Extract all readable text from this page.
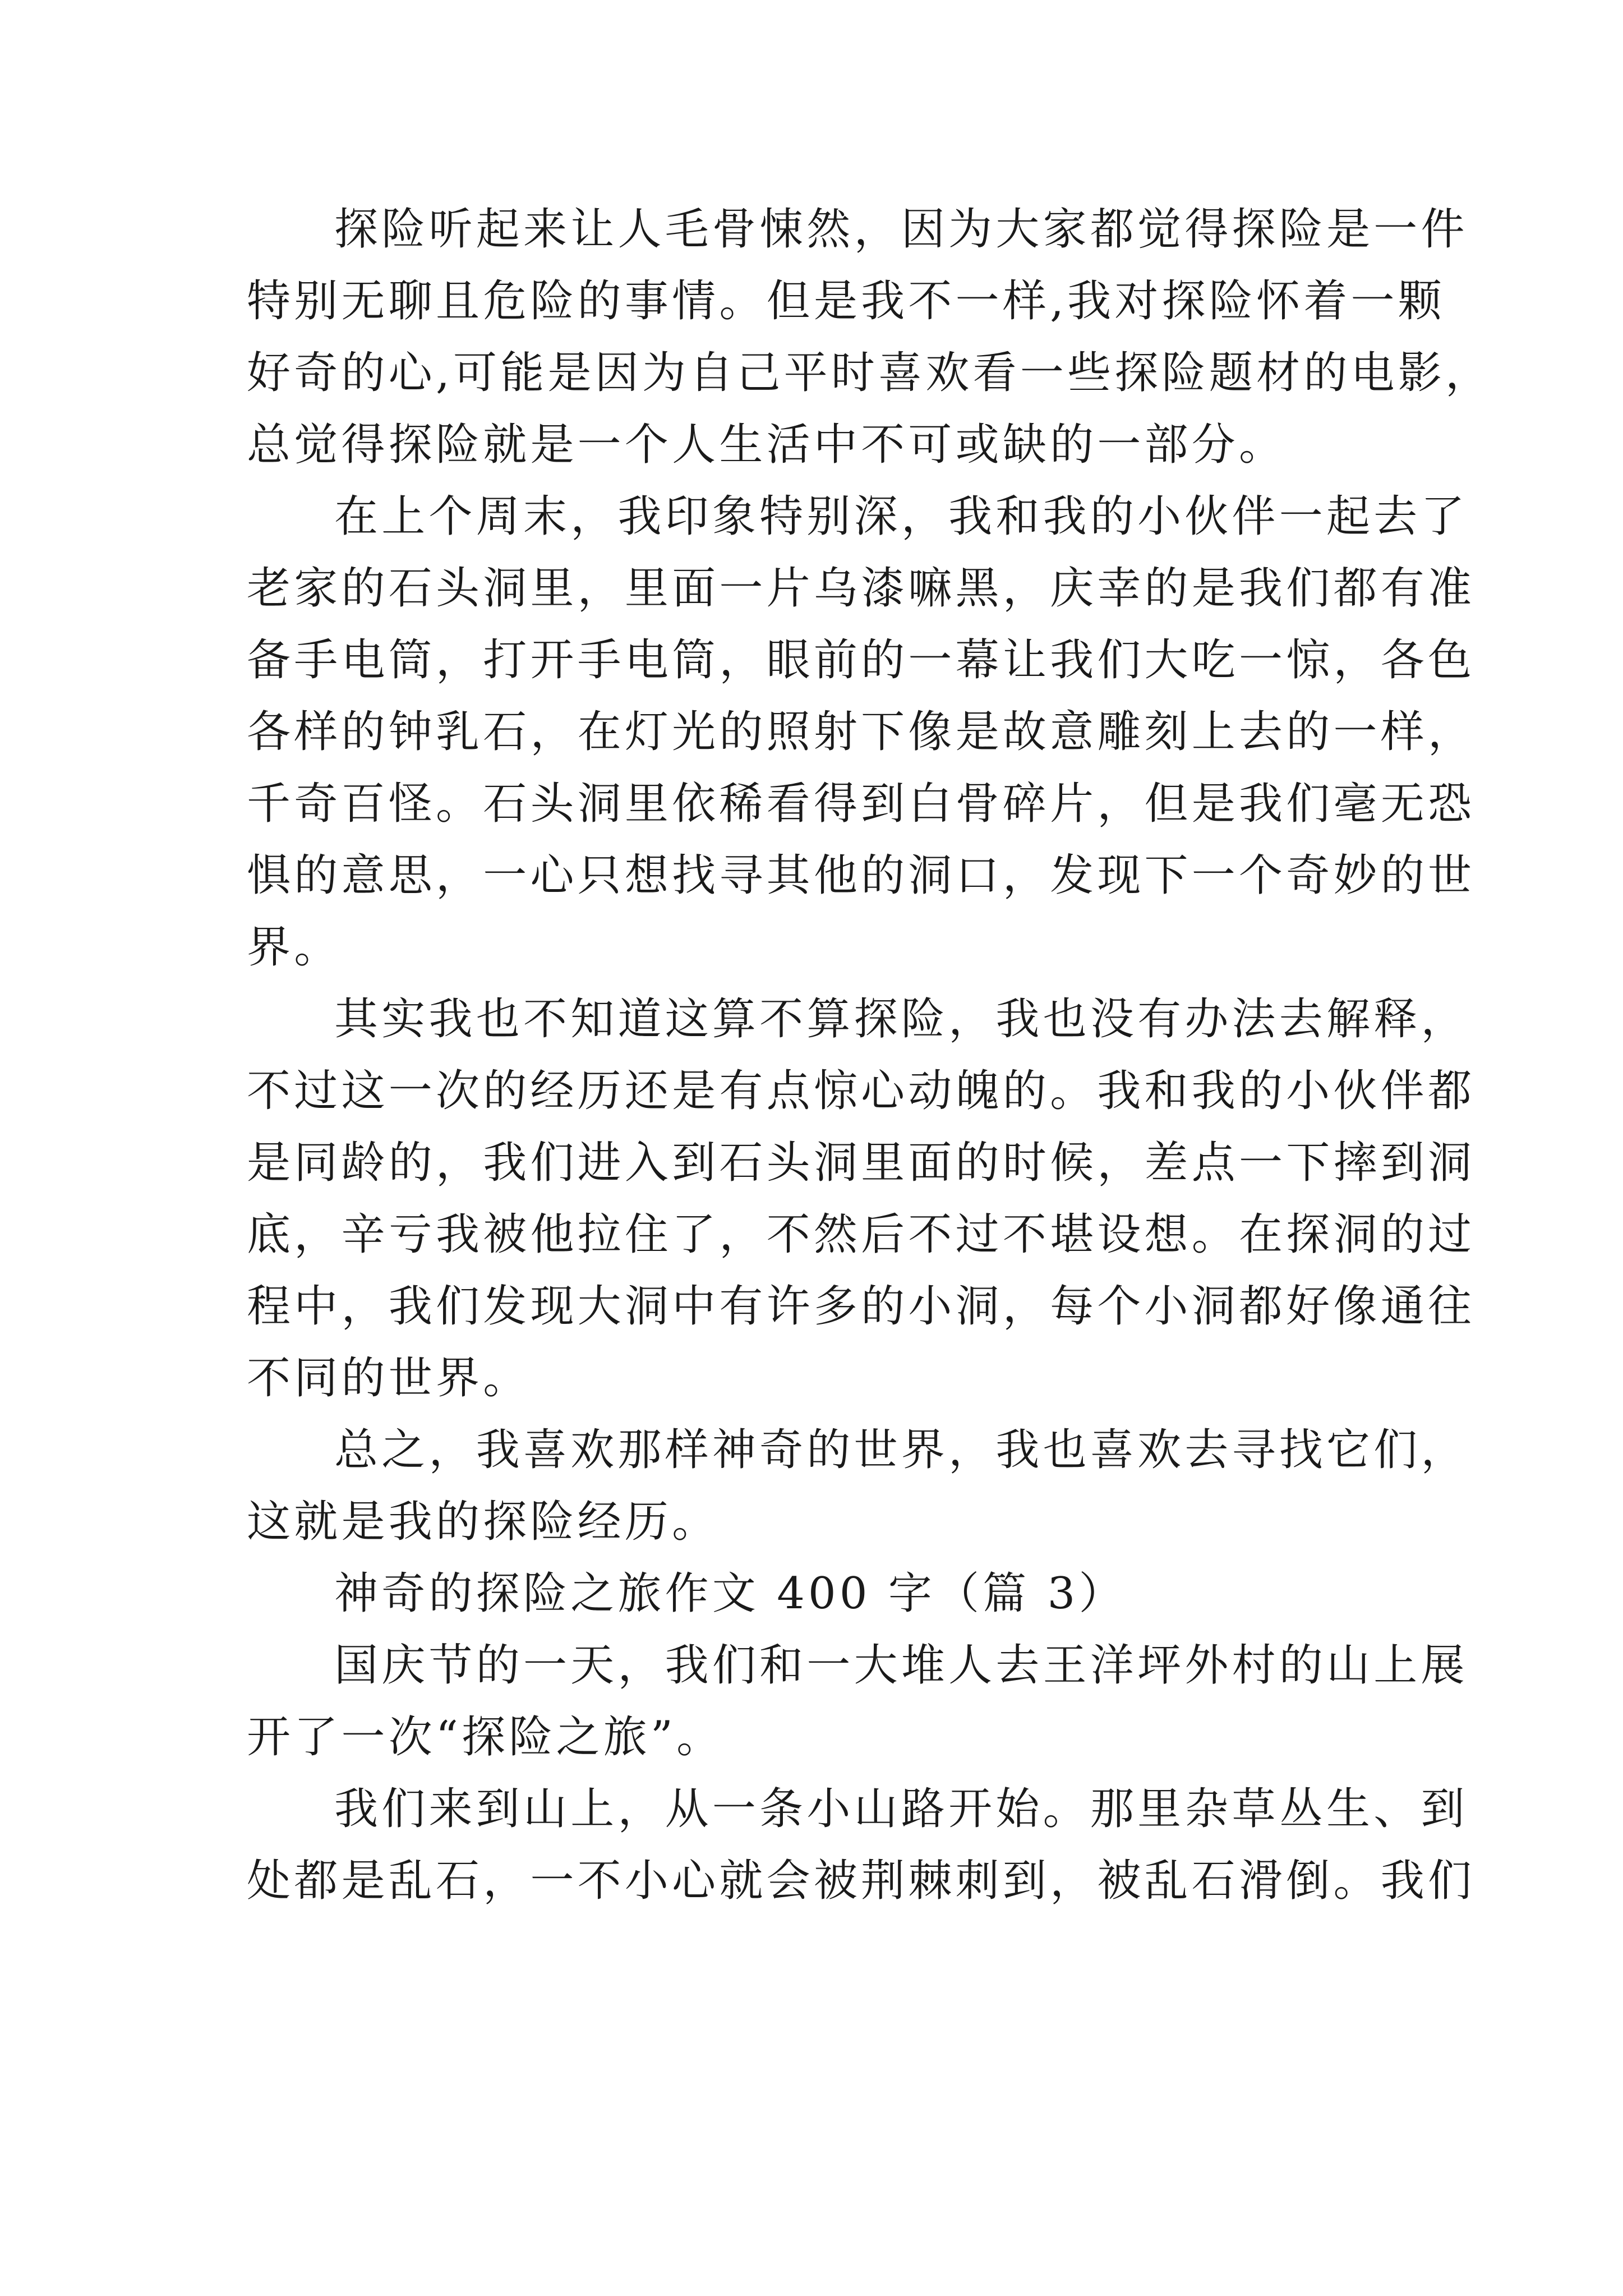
探险听起来让人毛骨悚然，因为大家都觉得探险是一件
特别无聊且危险的事情。但是我不一样,我对探险怀着一颗
好奇的心,可能是因为自己平时喜欢看一些探险题材的电影，
总觉得探险就是一个人生活中不可或缺的一部分。
在上个周末，我印象特别深，我和我的小伙伴一起去了
老家的石头洞里，里面一片乌漆嘛黑，庆幸的是我们都有准
备手电筒，打开手电筒，眼前的一幕让我们大吃一惊，各色
各样的钟乳石，在灯光的照射下像是故意雕刻上去的一样，
千奇百怪。石头洞里依稀看得到白骨碎片，但是我们毫无恐
惧的意思，一心只想找寻其他的洞口，发现下一个奇妙的世
界。
其实我也不知道这算不算探险，我也没有办法去解释，
不过这一次的经历还是有点惊心动魄的。我和我的小伙伴都
是同龄的，我们进入到石头洞里面的时候，差点一下摔到洞
底，辛亏我被他拉住了，不然后不过不堪设想。在探洞的过
程中，我们发现大洞中有许多的小洞，每个小洞都好像通往
不同的世界。
总之，我喜欢那样神奇的世界，我也喜欢去寻找它们，
这就是我的探险经历。
神奇的探险之旅作文 400 字（篇 3）
国庆节的一天，我们和一大堆人去王洋坪外村的山上展
开了一次“探险之旅”。
我们来到山上，从一条小山路开始。那里杂草丛生、到
处都是乱石，一不小心就会被荆棘刺到，被乱石滑倒。我们
